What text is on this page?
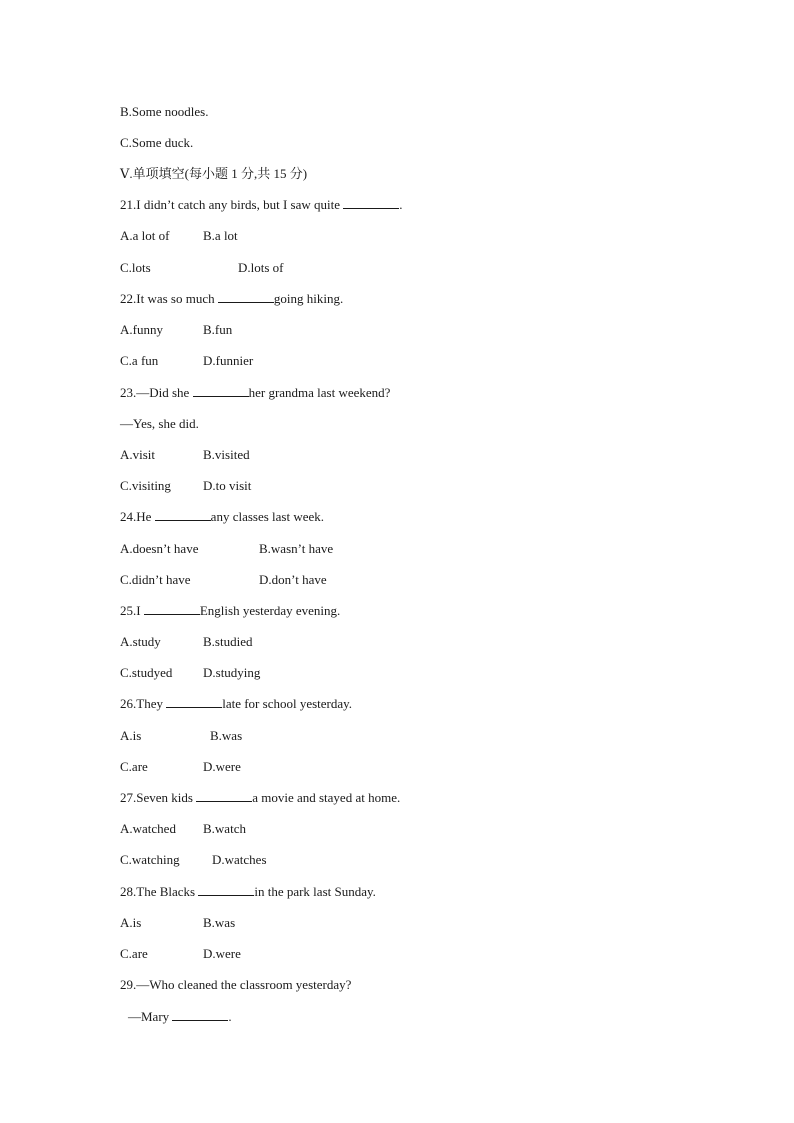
B.Some noodles.
C.Some duck.
Ⅴ.单项填空(每小题 1 分,共 15 分)
21.I didn’t catch any birds, but I saw quite	.
A.a lot of	B.a lot
C.lots	D.lots of
22.It was so much	going hiking.
A.funny	B.fun
C.a fun	D.funnier
23.—Did she	her grandma last weekend?
—Yes, she did.
A.visit	B.visited
C.visiting D.to visit
24.He	any classes last week.
A.doesn’t have	B.wasn’t have
C.didn’t have	D.don’t have
25.I	English yesterday evening.
A.study	B.studied
C.studyed D.studying
26.They	late for school yesterday.
A.is	B.was
C.are	D.were
27.Seven kids	a movie and stayed at home.
A.watched B.watch
C.watching D.watches
28.The Blacks	in the park last Sunday.
A.is	B.was
C.are	D.were
29.—Who cleaned the classroom yesterday?
—Mary	.
